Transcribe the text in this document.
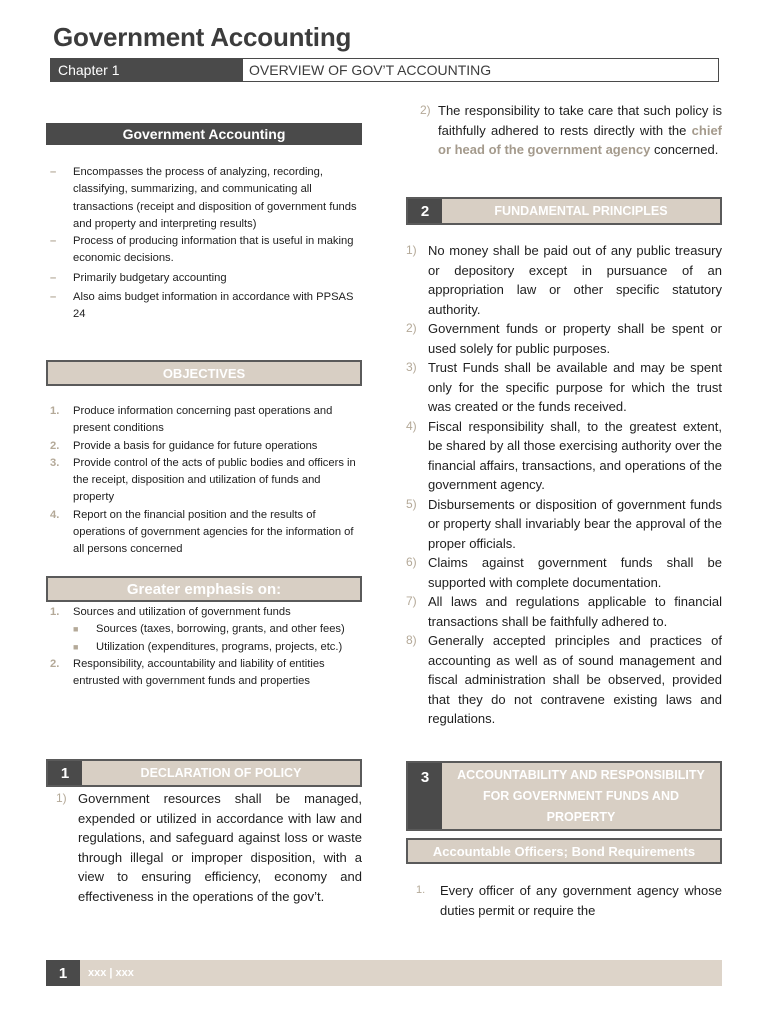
Government Accounting
Chapter 1	OVERVIEW OF GOV’T ACCOUNTING
Government Accounting
– Encompasses the process of analyzing, recording, classifying, summarizing, and communicating all transactions (receipt and disposition of government funds and property and interpreting results)
– Process of producing information that is useful in making economic decisions.
– Primarily budgetary accounting
– Also aims budget information in accordance with PPSAS 24
OBJECTIVES
1. Produce information concerning past operations and present conditions
2. Provide a basis for guidance for future operations
3. Provide control of the acts of public bodies and officers in the receipt, disposition and utilization of funds and property
4. Report on the financial position and the results of operations of government agencies for the information of all persons concerned
Greater emphasis on:
1. Sources and utilization of government funds
■ Sources (taxes, borrowing, grants, and other fees)
■ Utilization (expenditures, programs, projects, etc.)
2. Responsibility, accountability and liability of entities entrusted with government funds and properties
1	DECLARATION OF POLICY
1) Government resources shall be managed, expended or utilized in accordance with law and regulations, and safeguard against loss or waste through illegal or improper disposition, with a view to ensuring efficiency, economy and effectiveness in the operations of the gov’t.
2) The responsibility to take care that such policy is faithfully adhered to rests directly with the chief or head of the government agency concerned.
2	FUNDAMENTAL PRINCIPLES
1) No money shall be paid out of any public treasury or depository except in pursuance of an appropriation law or other specific statutory authority.
2) Government funds or property shall be spent or used solely for public purposes.
3) Trust Funds shall be available and may be spent only for the specific purpose for which the trust was created or the funds received.
4) Fiscal responsibility shall, to the greatest extent, be shared by all those exercising authority over the financial affairs, transactions, and operations of the government agency.
5) Disbursements or disposition of government funds or property shall invariably bear the approval of the proper officials.
6) Claims against government funds shall be supported with complete documentation.
7) All laws and regulations applicable to financial transactions shall be faithfully adhered to.
8) Generally accepted principles and practices of accounting as well as of sound management and fiscal administration shall be observed, provided that they do not contravene existing laws and regulations.
3	ACCOUNTABILITY AND RESPONSIBILITY FOR GOVERNMENT FUNDS AND PROPERTY
Accountable Officers; Bond Requirements
1. Every officer of any government agency whose duties permit or require the
1	xxx | xxx
